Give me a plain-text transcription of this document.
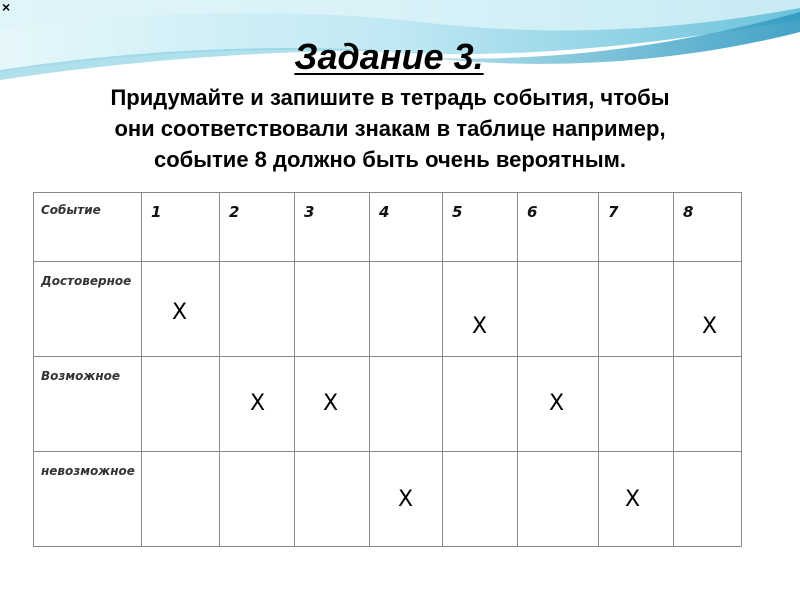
×
Задание 3.
Придумайте и запишите в тетрадь события, чтобы
они соответствовали знакам в таблице например,
событие 8 должно быть очень вероятным.
Событие	1	2	3	4	5	6	7	8

Достоверное	X				X			X

Возможное		X	X			X		

невозможное				X			X	
